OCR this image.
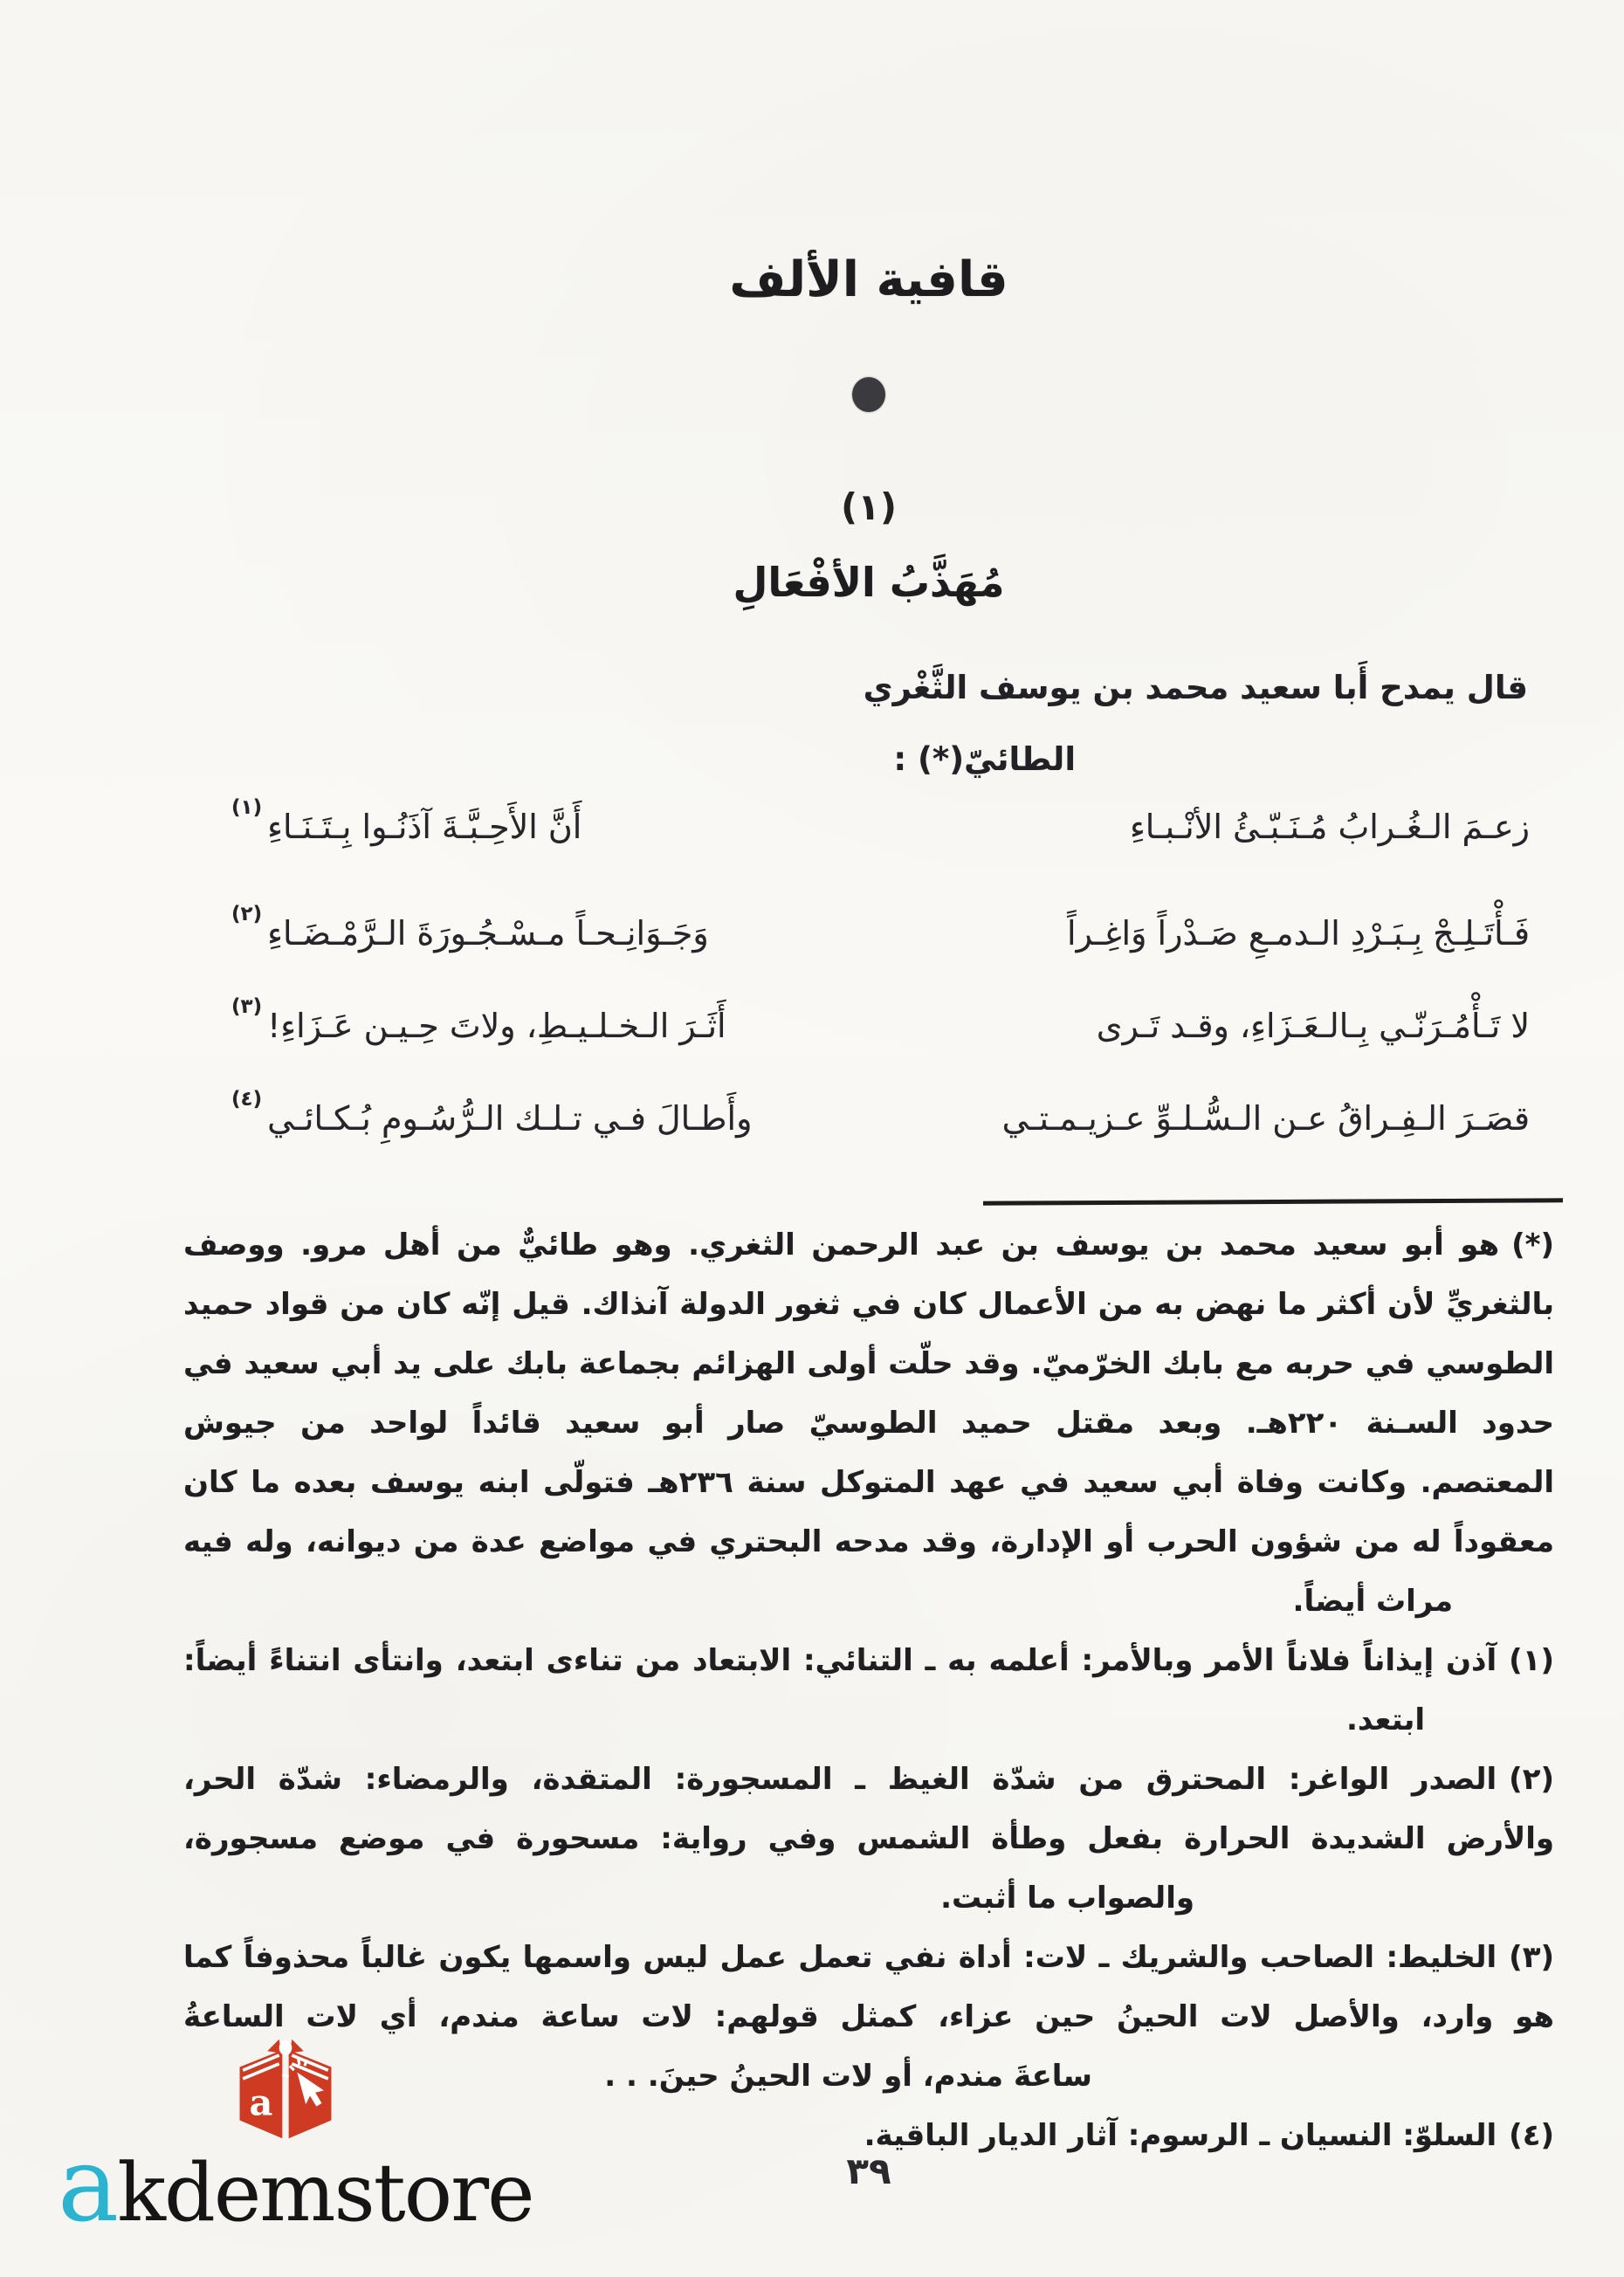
قافية الألف
(١)
مُهَذَّبُ الأفْعَالِ
قال يمدح أَبا سعيد محمد بن يوسف الثَّغْري
الطائيّ(*) :
زعـمَ الـغُـرابُ مُـنَـبّـئُ الأنْـبـاءِ
أَنَّ الأَحِـبَّـةَ آذَنُـوا بِـتَـنَـاءِ$^{(١)}$
فَـأْتَـلِـجْ بِـبَـرْدِ الـدمـعِ صَـدْراً وَاغِـراً
وَجَـوَانِـحـاً مـسْـجُـورَةَ الـرَّمْـضَـاءِ$^{(٢)}$
لا تَـأْمُـرَنّـي بِـالـعَـزَاءِ، وقـد تَـرى
أَثَـرَ الـخـلـيـطِ، ولاتَ حِـيـن عَـزَاءِ!$^{(٣)}$
قصَـرَ الـفِـراقُ عـن الـسُّـلـوِّ عـزيـمـتـي
وأَطـالَ فـي تـلـك الـرُّسُـومِ بُـكـائـي$^{(٤)}$
(*)هو أبو سعيد محمد بن يوسف بن عبد الرحمن الثغري. وهو طائيٌّ من أهل مرو. ووصف
بالثغريِّ لأن أكثر ما نهض به من الأعمال كان في ثغور الدولة آنذاك. قيل إنّه كان من قواد حميد
الطوسي في حربه مع بابك الخرّميّ. وقد حلّت أولى الهزائم بجماعة بابك على يد أبي سعيد في
حدود السـنة ٢٢٠هـ. وبعد مقتل حميد الطوسيّ صار أبو سعيد قائداً لواحد من جيوش
المعتصم. وكانت وفاة أبي سعيد في عهد المتوكل سنة ٢٣٦هـ فتولّى ابنه يوسف بعده ما كان
معقوداً له من شؤون الحرب أو الإدارة، وقد مدحه البحتري في مواضع عدة من ديوانه، وله فيه
مراث أيضاً.
(١)آذن إيذاناً فلاناً الأمر وبالأمر: أعلمه به ـ التنائي: الابتعاد من تناءى ابتعد، وانتأى انتناءً أيضاً:
ابتعد.
(٢)الصدر الواغر: المحترق من شدّة الغيظ ـ المسجورة: المتقدة، والرمضاء: شدّة الحر،
والأرض الشديدة الحرارة بفعل وطأة الشمس وفي رواية: مسحورة في موضع مسجورة،
والصواب ما أثبت.
(٣)الخليط: الصاحب والشريك ـ لات: أداة نفي تعمل عمل ليس واسمها يكون غالباً محذوفاً كما
هو وارد، والأصل لات الحينُ حين عزاء، كمثل قولهم: لات ساعة مندم، أي لات الساعةُ
ساعةَ مندم، أو لات الحينُ حينَ. . .
(٤)السلوّ: النسيان ـ الرسوم: آثار الديار الباقية.
٣٩
a
akdemstore
